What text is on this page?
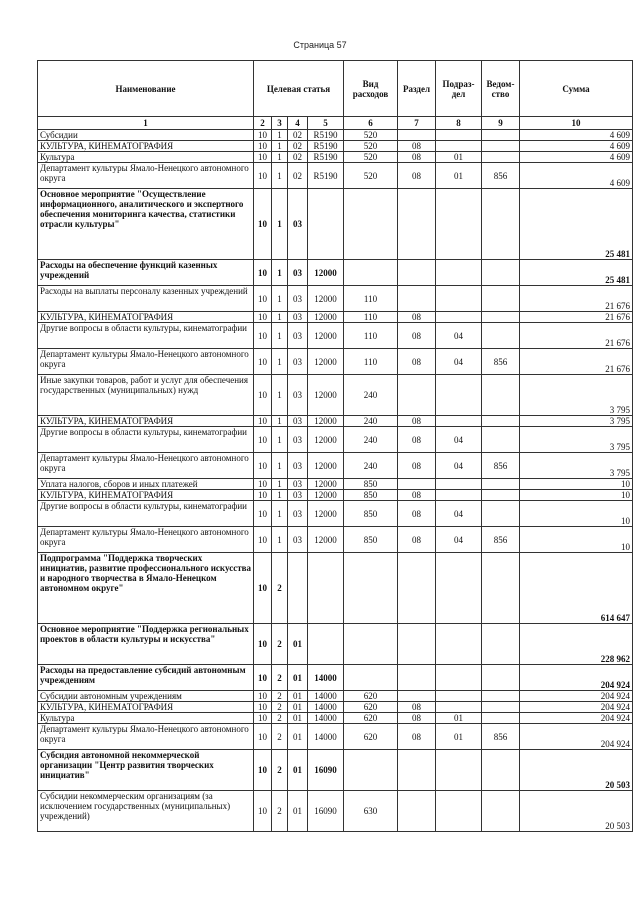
Страница 57
Наименование	Целевая статья				Вид расходов	Раздел	Подраз-дел	Ведом-ство	Сумма
1	2	3	4	5	6	7	8	9	10
Субсидии	10	1	02	R5190	520				4 609
КУЛЬТУРА, КИНЕМАТОГРАФИЯ	10	1	02	R5190	520	08			4 609
Культура	10	1	02	R5190	520	08	01		4 609
Департамент культуры Ямало-Ненецкого автономного округа	10	1	02	R5190	520	08	01	856	4 609
Основное мероприятие "Осуществление информационного, аналитического и экспертного обеспечения мониторинга качества, статистики отрасли культуры"	10	1	03						25 481
Расходы на обеспечение функций казенных учреждений	10	1	03	12000					25 481
Расходы на выплаты персоналу казенных учреждений	10	1	03	12000	110				21 676
КУЛЬТУРА, КИНЕМАТОГРАФИЯ	10	1	03	12000	110	08			21 676
Другие вопросы в области культуры, кинематографии	10	1	03	12000	110	08	04		21 676
Департамент культуры Ямало-Ненецкого автономного округа	10	1	03	12000	110	08	04	856	21 676
Иные закупки товаров, работ и услуг для обеспечения государственных (муниципальных) нужд	10	1	03	12000	240				3 795
КУЛЬТУРА, КИНЕМАТОГРАФИЯ	10	1	03	12000	240	08			3 795
Другие вопросы в области культуры, кинематографии	10	1	03	12000	240	08	04		3 795
Департамент культуры Ямало-Ненецкого автономного округа	10	1	03	12000	240	08	04	856	3 795
Уплата налогов, сборов и иных платежей	10	1	03	12000	850				10
КУЛЬТУРА, КИНЕМАТОГРАФИЯ	10	1	03	12000	850	08			10
Другие вопросы в области культуры, кинематографии	10	1	03	12000	850	08	04		10
Департамент культуры Ямало-Ненецкого автономного округа	10	1	03	12000	850	08	04	856	10
Подпрограмма "Поддержка творческих инициатив, развитие профессионального искусства и народного творчества в Ямало-Ненецком автономном округе"	10	2							614 647
Основное мероприятие "Поддержка региональных проектов в области культуры и искусства"	10	2	01						228 962
Расходы на предоставление субсидий автономным учреждениям	10	2	01	14000					204 924
Субсидии автономным учреждениям	10	2	01	14000	620				204 924
КУЛЬТУРА, КИНЕМАТОГРАФИЯ	10	2	01	14000	620	08			204 924
Культура	10	2	01	14000	620	08	01		204 924
Департамент культуры Ямало-Ненецкого автономного округа	10	2	01	14000	620	08	01	856	204 924
Субсидия автономной некоммерческой организации "Центр развития творческих инициатив"	10	2	01	16090					20 503
Субсидии некоммерческим организациям (за исключением государственных (муниципальных) учреждений)	10	2	01	16090	630				20 503
